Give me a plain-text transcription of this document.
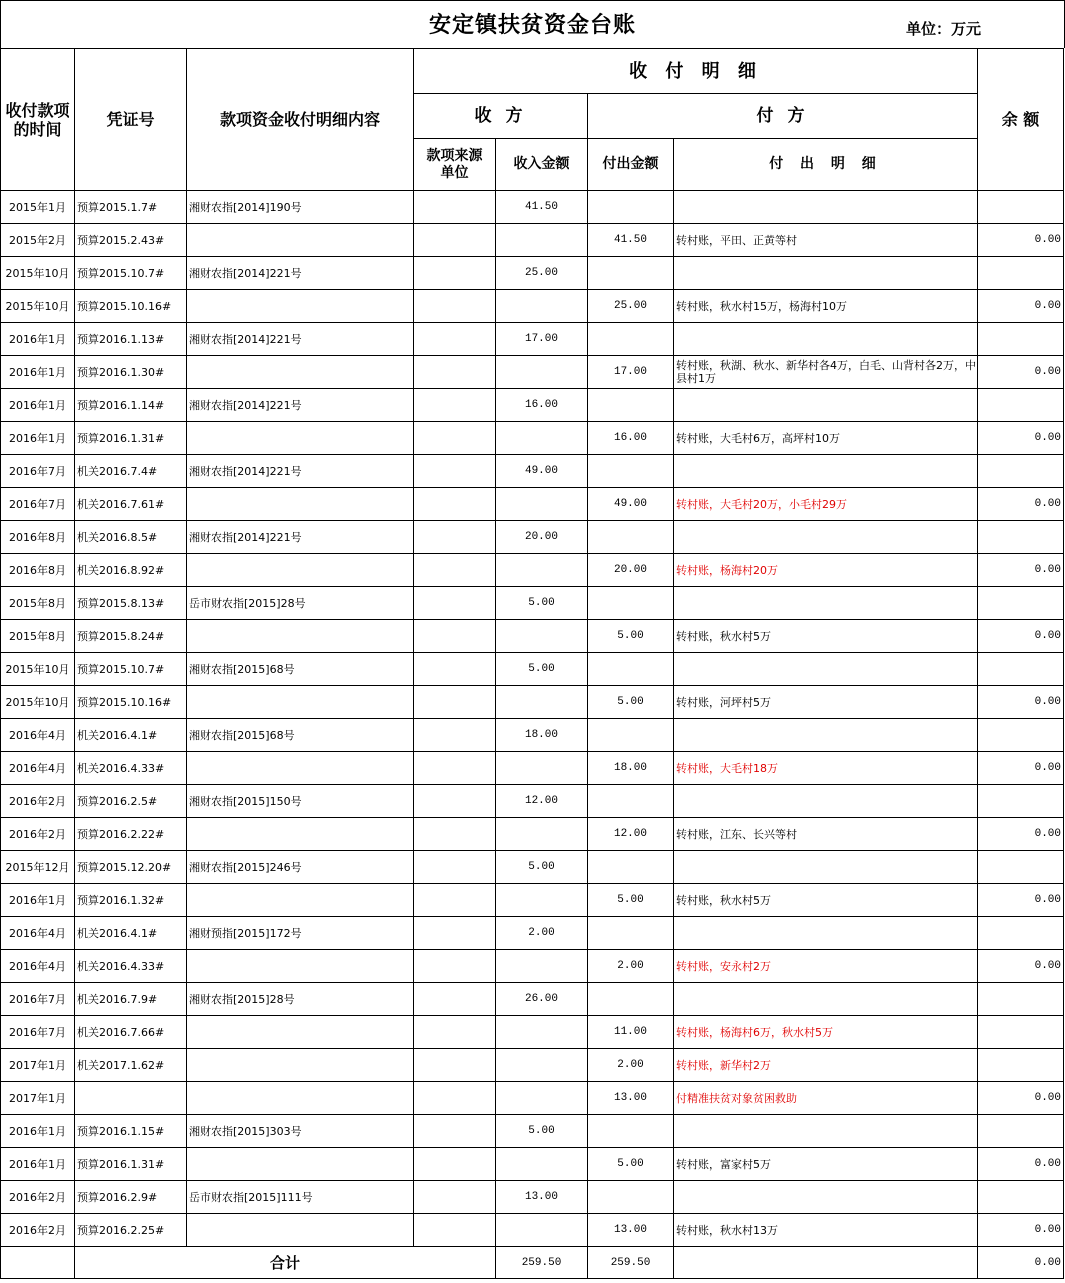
安定镇扶贫资金台账	单位：万元
收付款项的时间	凭证号	款项资金收付明细内容	收 付 明 细				余 额
			收 方		付 方		
			款项来源单位	收入金额	付出金额	付 出 明 细	
2015年1月	预算2015.1.7#	湘财农指[2014]190号		41.50			
2015年2月	预算2015.2.43#				41.50	转村账，平田、正黄等村	0.00
2015年10月	预算2015.10.7#	湘财农指[2014]221号		25.00			
2015年10月	预算2015.10.16#				25.00	转村账，秋水村15万，杨海村10万	0.00
2016年1月	预算2016.1.13#	湘财农指[2014]221号		17.00			
2016年1月	预算2016.1.30#				17.00	转村账，秋湖、秋水、新华村各4万，白毛、山背村各2万，中县村1万	0.00
2016年1月	预算2016.1.14#	湘财农指[2014]221号		16.00			
2016年1月	预算2016.1.31#				16.00	转村账，大毛村6万，高坪村10万	0.00
2016年7月	机关2016.7.4#	湘财农指[2014]221号		49.00			
2016年7月	机关2016.7.61#				49.00	转村账，大毛村20万，小毛村29万	0.00
2016年8月	机关2016.8.5#	湘财农指[2014]221号		20.00			
2016年8月	机关2016.8.92#				20.00	转村账，杨海村20万	0.00
2015年8月	预算2015.8.13#	岳市财农指[2015]28号		5.00			
2015年8月	预算2015.8.24#				5.00	转村账，秋水村5万	0.00
2015年10月	预算2015.10.7#	湘财农指[2015]68号		5.00			
2015年10月	预算2015.10.16#				5.00	转村账，河坪村5万	0.00
2016年4月	机关2016.4.1#	湘财农指[2015]68号		18.00			
2016年4月	机关2016.4.33#				18.00	转村账，大毛村18万	0.00
2016年2月	预算2016.2.5#	湘财农指[2015]150号		12.00			
2016年2月	预算2016.2.22#				12.00	转村账，江东、长兴等村	0.00
2015年12月	预算2015.12.20#	湘财农指[2015]246号		5.00			
2016年1月	预算2016.1.32#				5.00	转村账，秋水村5万	0.00
2016年4月	机关2016.4.1#	湘财预指[2015]172号		2.00			
2016年4月	机关2016.4.33#				2.00	转村账，安永村2万	0.00
2016年7月	机关2016.7.9#	湘财农指[2015]28号		26.00			
2016年7月	机关2016.7.66#				11.00	转村账，杨海村6万，秋水村5万	
2017年1月	机关2017.1.62#				2.00	转村账，新华村2万	
2017年1月					13.00	付精准扶贫对象贫困救助	0.00
2016年1月	预算2016.1.15#	湘财农指[2015]303号		5.00			
2016年1月	预算2016.1.31#				5.00	转村账，富家村5万	0.00
2016年2月	预算2016.2.9#	岳市财农指[2015]111号		13.00			
2016年2月	预算2016.2.25#				13.00	转村账，秋水村13万	0.00
	合计			259.50	259.50		0.00
